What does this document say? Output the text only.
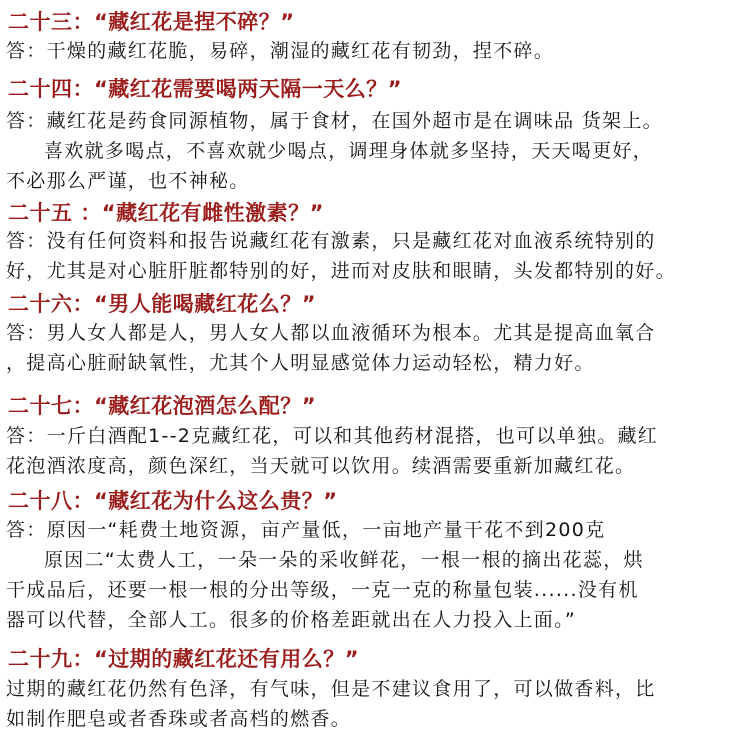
二十三：“藏红花是捏不碎？”
答：干燥的藏红花脆，易碎，潮湿的藏红花有韧劲，捏不碎。
二十四：“藏红花需要喝两天隔一天么？”
答：藏红花是药食同源植物，属于食材，在国外超市是在调味品 货架上。
喜欢就多喝点，不喜欢就少喝点，调理身体就多坚持，天天喝更好，
不必那么严谨，也不神秘。
二十五 ：“藏红花有雌性激素？”
答：没有任何资料和报告说藏红花有激素，只是藏红花对血液系统特别的
好，尤其是对心脏肝脏都特别的好，进而对皮肤和眼睛，头发都特别的好。
二十六：“男人能喝藏红花么？”
答：男人女人都是人，男人女人都以血液循环为根本。尤其是提高血氧合
，提高心脏耐缺氧性，尤其个人明显感觉体力运动轻松，精力好。
二十七：“藏红花泡酒怎么配？”
答：一斤白酒配1--2克藏红花，可以和其他药材混搭，也可以单独。藏红
花泡酒浓度高，颜色深红，当天就可以饮用。续酒需要重新加藏红花。
二十八：“藏红花为什么这么贵？”
答：原因一“耗费土地资源，亩产量低，一亩地产量干花不到200克
原因二“太费人工，一朵一朵的采收鲜花，一根一根的摘出花蕊，烘
干成品后，还要一根一根的分出等级，一克一克的称量包装......没有机
器可以代替，全部人工。很多的价格差距就出在人力投入上面。”
二十九：“过期的藏红花还有用么？”
过期的藏红花仍然有色泽，有气味，但是不建议食用了，可以做香料，比
如制作肥皂或者香珠或者高档的燃香。
